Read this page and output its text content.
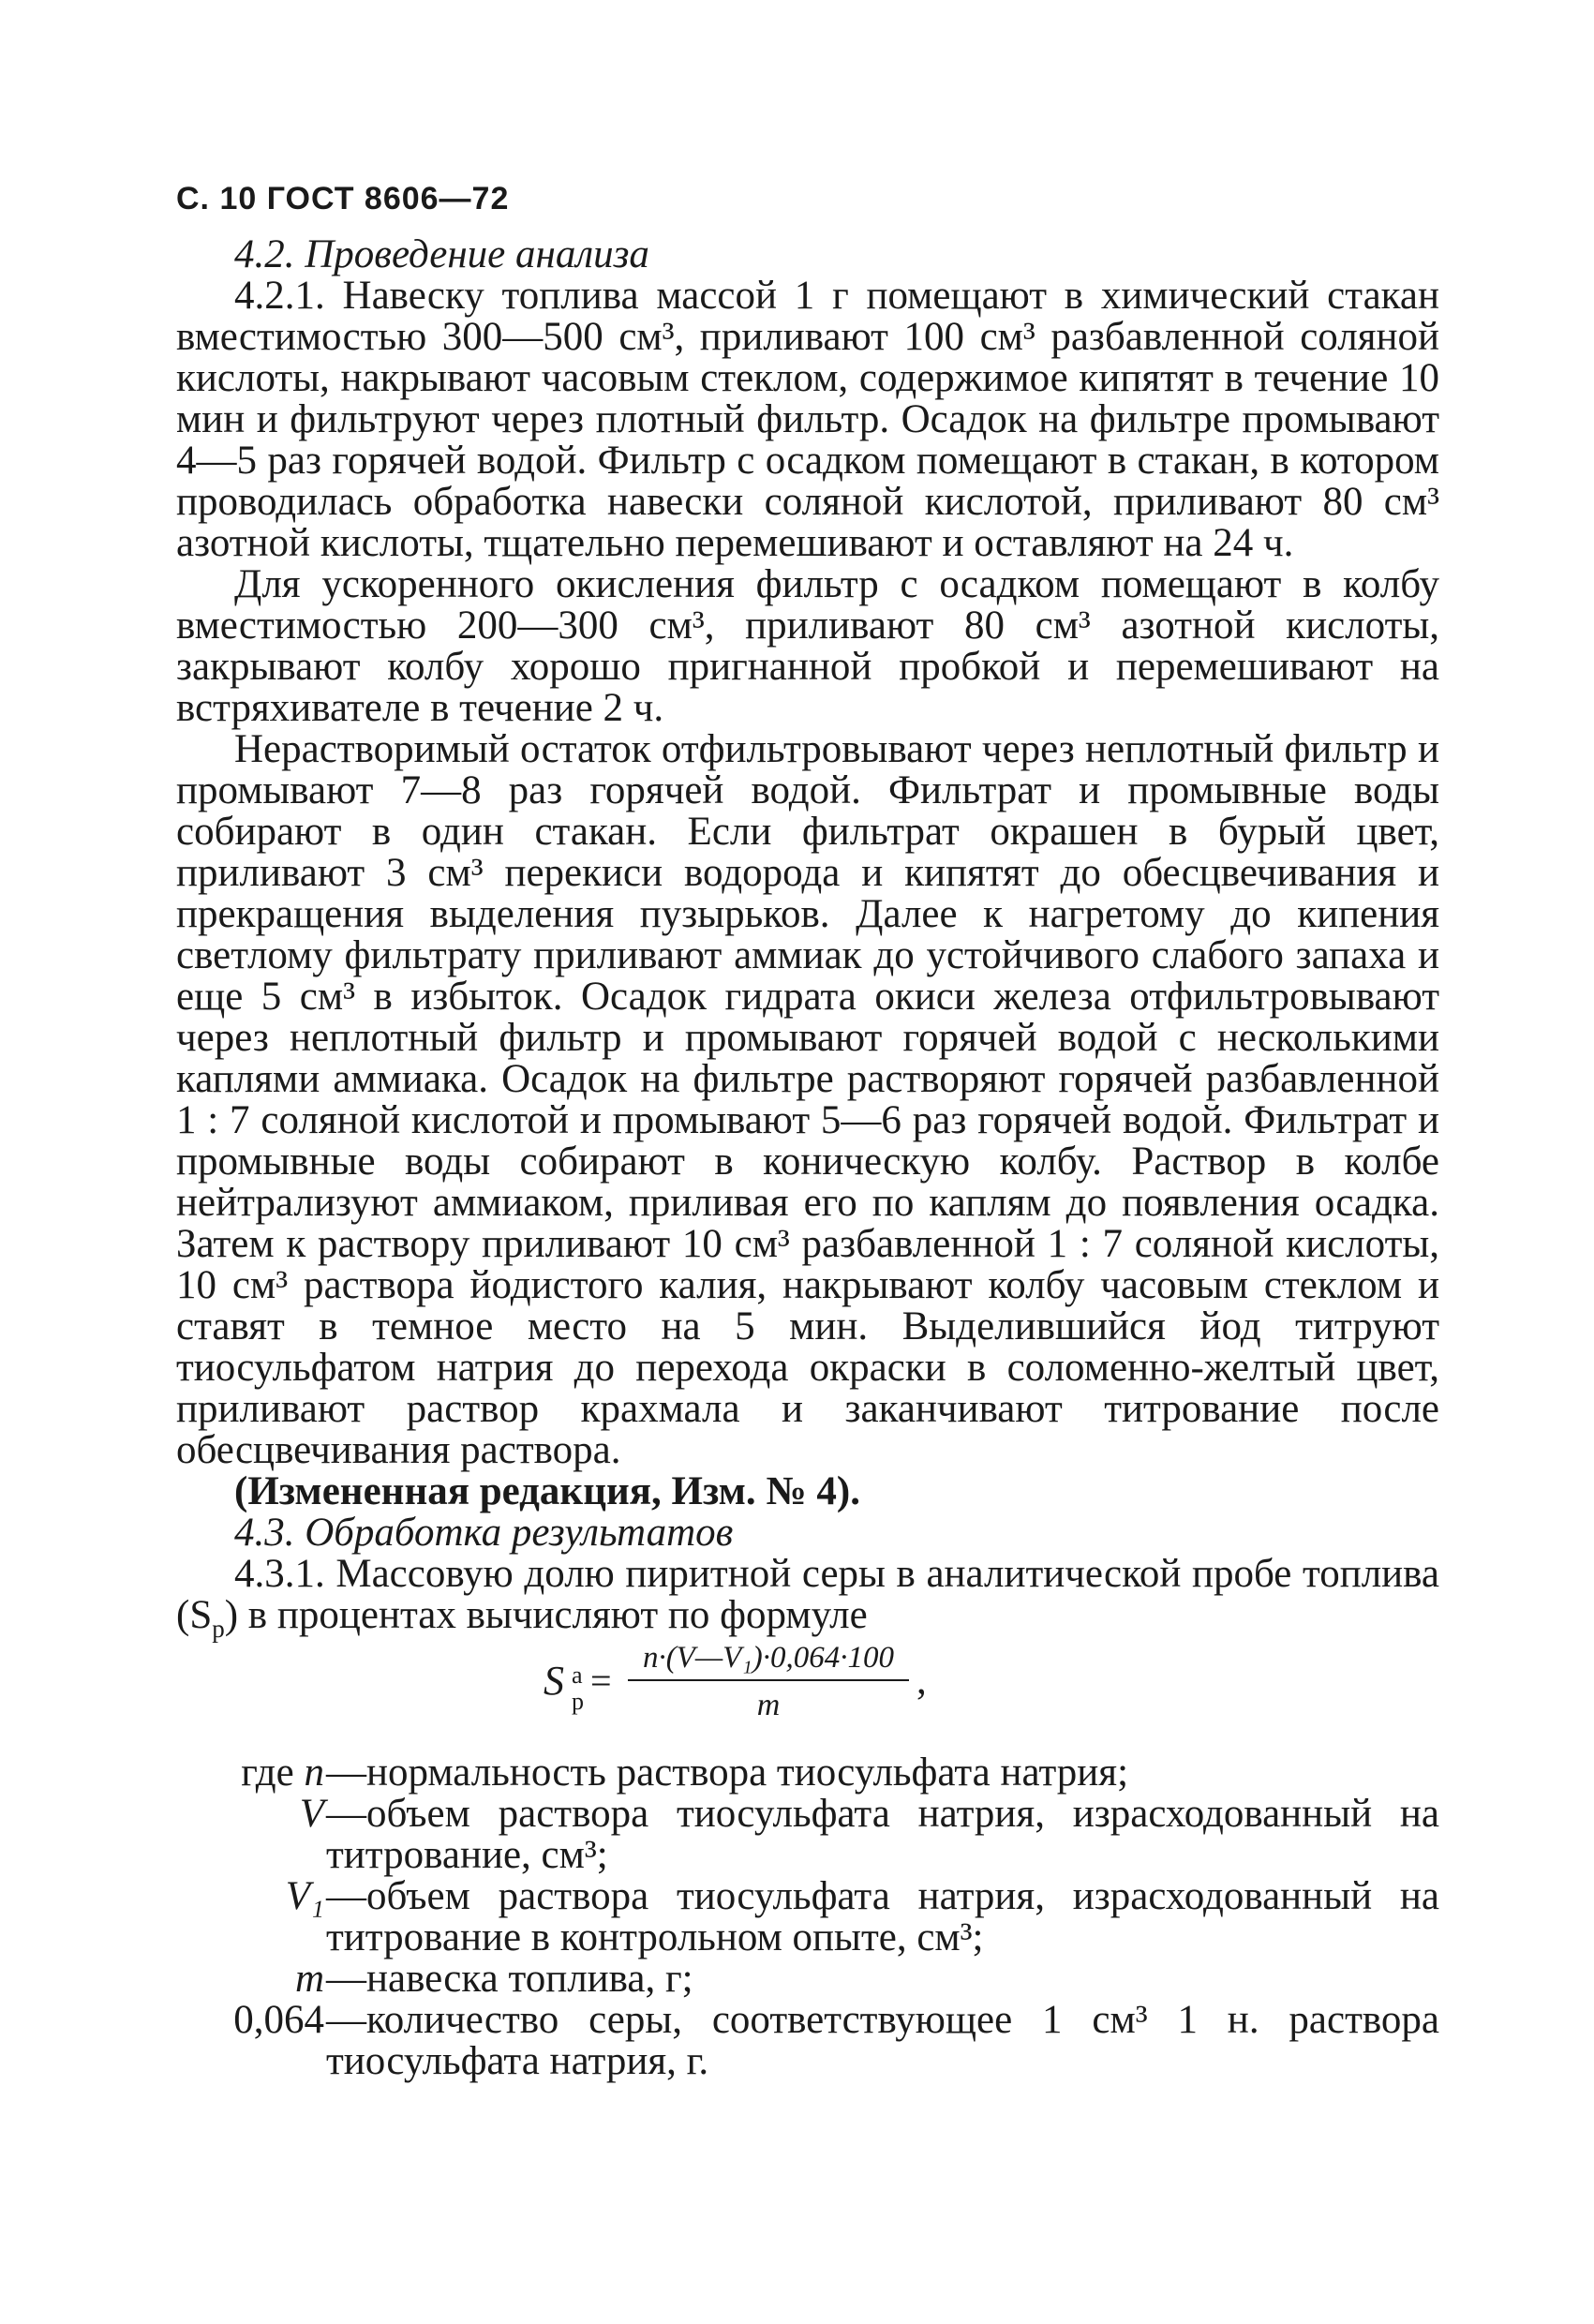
С. 10 ГОСТ 8606—72

4.2. Проведение анализа

4.2.1. Навеску топлива массой 1 г помещают в химический стакан вместимостью 300—500 см³, приливают 100 см³ разбавленной соляной кислоты, накрывают часовым стеклом, содержимое кипятят в течение 10 мин и фильтруют через плотный фильтр. Осадок на фильтре промывают 4—5 раз горячей водой. Фильтр с осадком помещают в стакан, в котором проводилась обработка навески соляной кислотой, приливают 80 см³ азотной кислоты, тщательно перемешивают и оставляют на 24 ч.

Для ускоренного окисления фильтр с осадком помещают в колбу вместимостью 200—300 см³, приливают 80 см³ азотной кислоты, закрывают колбу хорошо пригнанной пробкой и перемешивают на встряхивателе в течение 2 ч.

Нерастворимый остаток отфильтровывают через неплотный фильтр и промывают 7—8 раз горячей водой. Фильтрат и промывные воды собирают в один стакан. Если фильтрат окрашен в бурый цвет, приливают 3 см³ перекиси водорода и кипятят до обесцвечивания и прекращения выделения пузырьков. Далее к нагретому до кипения светлому фильтрату приливают аммиак до устойчивого слабого запаха и еще 5 см³ в избыток. Осадок гидрата окиси железа отфильтровывают через неплотный фильтр и промывают горячей водой с несколькими каплями аммиака. Осадок на фильтре растворяют горячей разбавленной 1 : 7 соляной кислотой и промывают 5—6 раз горячей водой. Фильтрат и промывные воды собирают в коническую колбу. Раствор в колбе нейтрализуют аммиаком, приливая его по каплям до появления осадка. Затем к раствору приливают 10 см³ разбавленной 1 : 7 соляной кислоты, 10 см³ раствора йодистого калия, накрывают колбу часовым стеклом и ставят в темное место на 5 мин. Выделившийся йод титруют тиосульфатом натрия до перехода окраски в соломенно-желтый цвет, приливают раствор крахмала и заканчивают титрование после обесцвечивания раствора.

(Измененная редакция, Изм. № 4).

4.3. Обработка результатов

4.3.1. Массовую долю пиритной серы в аналитической пробе топлива $(S_р)$ в процентах вычисляют по формуле

S а
$р = \frac{\text{n·(V—V₁)·0,064·100}}{m}$ ,
где n —нормальность раствора тиосульфата натрия;
V —объем раствора тиосульфата натрия, израсходованный на титрование, см³;
V₁ —объем раствора тиосульфата натрия, израсходованный на титрование в контрольном опыте, см³;
m —навеска топлива, г;
0,064 —количество серы, соответствующее 1 см³ 1 н. раствора тиосульфата натрия, г.
